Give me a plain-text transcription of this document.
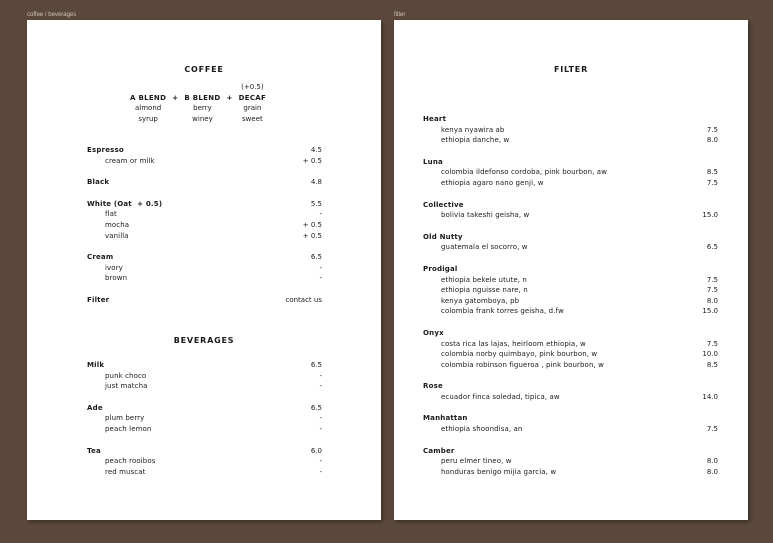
coffee / beverages	filter
COFFEE
				(+0.5)
A BLEND	+	B BLEND	+	DECAF
almond		berry		grain
syrup		winey		sweet
Espresso	4.5
cream or milk	+ 0.5
Black	4.8
White (Oat  + 0.5)	5.5
flat	-
mocha	+ 0.5
vanilla	+ 0.5
Cream	6.5
ivory	-
brown	-
Filter	contact us
BEVERAGES
Milk	6.5
punk choco	-
just matcha	-
Ade	6.5
plum berry	-
peach lemon	-
Tea	6.0
peach rooibos	-
red muscat	-
FILTER
Heart
kenya nyawira ab	7.5
ethiopia danche, w	8.0
Luna
colombia ildefonso cordoba, pink bourbon, aw	8.5
ethiopia agaro nano genji, w	7.5
Collective
bolivia takeshi geisha, w	15.0
Old Nutty
guatemala el socorro, w	6.5
Prodigal
ethiopia bekele utute, n	7.5
ethiopia nguisse nare, n	7.5
kenya gatomboya, pb	8.0
colombia frank torres geisha, d.fw	15.0
Onyx
costa rica las lajas, heirloom ethiopia, w	7.5
colombia norby quimbayo, pink bourbon, w	10.0
colombia robinson figueroa , pink bourbon, w	8.5
Rose
ecuador finca soledad, tipica, aw	14.0
Manhattan
ethiopia shoondisa, an	7.5
Camber
peru elmer tineo, w	8.0
honduras benigo mijia garcia, w	8.0
